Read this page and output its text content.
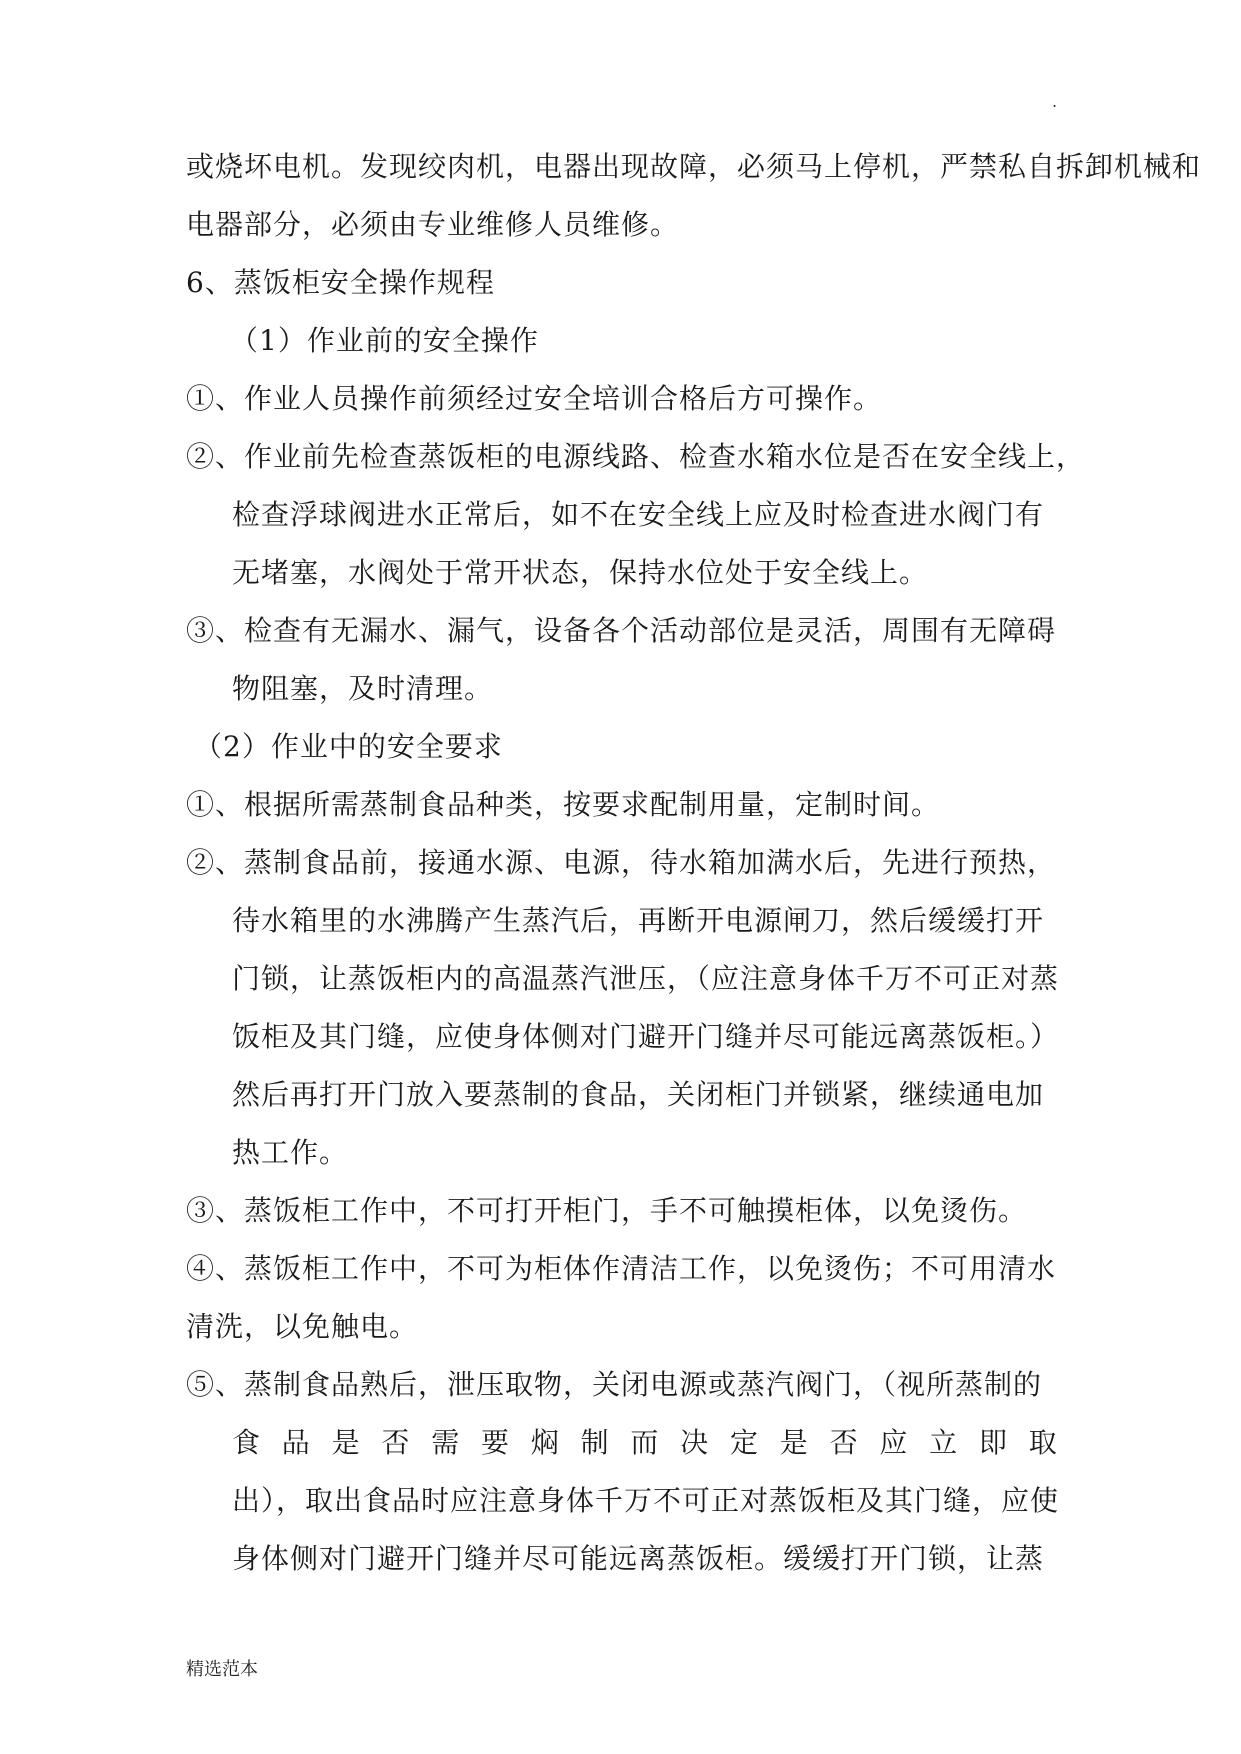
.
或烧坏电机。发现绞肉机，电器出现故障，必须马上停机，严禁私自拆卸机械和
电器部分，必须由专业维修人员维修。
6、蒸饭柜安全操作规程
（1）作业前的安全操作
①、作业人员操作前须经过安全培训合格后方可操作。
②、作业前先检查蒸饭柜的电源线路、检查水箱水位是否在安全线上，
检查浮球阀进水正常后，如不在安全线上应及时检查进水阀门有
无堵塞，水阀处于常开状态，保持水位处于安全线上。
③、检查有无漏水、漏气，设备各个活动部位是灵活，周围有无障碍
物阻塞，及时清理。
（2）作业中的安全要求
①、根据所需蒸制食品种类，按要求配制用量，定制时间。
②、蒸制食品前，接通水源、电源，待水箱加满水后，先进行预热，
待水箱里的水沸腾产生蒸汽后，再断开电源闸刀，然后缓缓打开
门锁，让蒸饭柜内的高温蒸汽泄压，（应注意身体千万不可正对蒸
饭柜及其门缝，应使身体侧对门避开门缝并尽可能远离蒸饭柜。）
然后再打开门放入要蒸制的食品，关闭柜门并锁紧，继续通电加
热工作。
③、蒸饭柜工作中，不可打开柜门，手不可触摸柜体，以免烫伤。
④、蒸饭柜工作中，不可为柜体作清洁工作，以免烫伤；不可用清水
清洗，以免触电。
⑤、蒸制食品熟后，泄压取物，关闭电源或蒸汽阀门，（视所蒸制的
食 品 是 否 需 要 焖 制 而 决 定 是 否 应 立 即 取
出），取出食品时应注意身体千万不可正对蒸饭柜及其门缝，应使
身体侧对门避开门缝并尽可能远离蒸饭柜。缓缓打开门锁，让蒸
精选范本
